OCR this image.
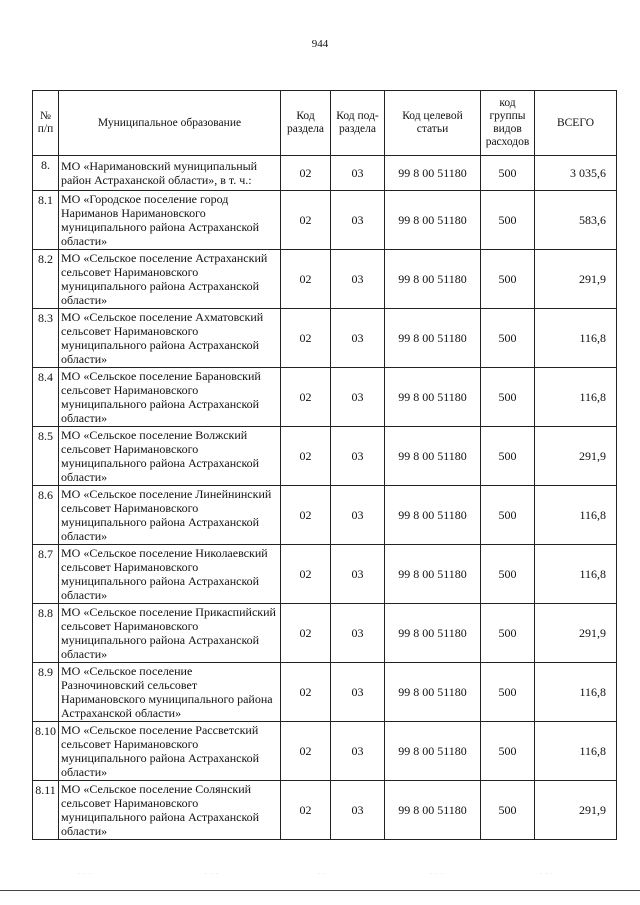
944
№ п/п	Муниципальное образование	Код раздела	Код под-раздела	Код целевой статьи	код группы видов расходов	ВСЕГО
8.	МО «Наримановский муниципальный район Астраханской области», в т. ч.:	02	03	99 8 00 51180	500	3 035,6
8.1	МО «Городское поселение город Нариманов Наримановского муниципального района Астраханской области»	02	03	99 8 00 51180	500	583,6
8.2	МО «Сельское поселение Астраханский сельсовет Наримановского муниципального района Астраханской области»	02	03	99 8 00 51180	500	291,9
8.3	МО «Сельское поселение Ахматовский сельсовет Наримановского муниципального района Астраханской области»	02	03	99 8 00 51180	500	116,8
8.4	МО «Сельское поселение Барановский сельсовет Наримановского муниципального района Астраханской области»	02	03	99 8 00 51180	500	116,8
8.5	МО «Сельское поселение Волжский сельсовет Наримановского муниципального района Астраханской области»	02	03	99 8 00 51180	500	291,9
8.6	МО «Сельское поселение Линейнинский сельсовет Наримановского муниципального района Астраханской области»	02	03	99 8 00 51180	500	116,8
8.7	МО «Сельское поселение Николаевский сельсовет Наримановского муниципального района Астраханской области»	02	03	99 8 00 51180	500	116,8
8.8	МО «Сельское поселение Прикаспийский сельсовет Наримановского муниципального района Астраханской области»	02	03	99 8 00 51180	500	291,9
8.9	МО «Сельское поселение Разночиновский сельсовет Наримановского муниципального района Астраханской области»	02	03	99 8 00 51180	500	116,8
8.10	МО «Сельское поселение Рассветский сельсовет Наримановского муниципального района Астраханской области»	02	03	99 8 00 51180	500	116,8
8.11	МО «Сельское поселение Солянский сельсовет Наримановского муниципального района Астраханской области»	02	03	99 8 00 51180	500	291,9
. . .	. . .	. .	. . .	. . .
